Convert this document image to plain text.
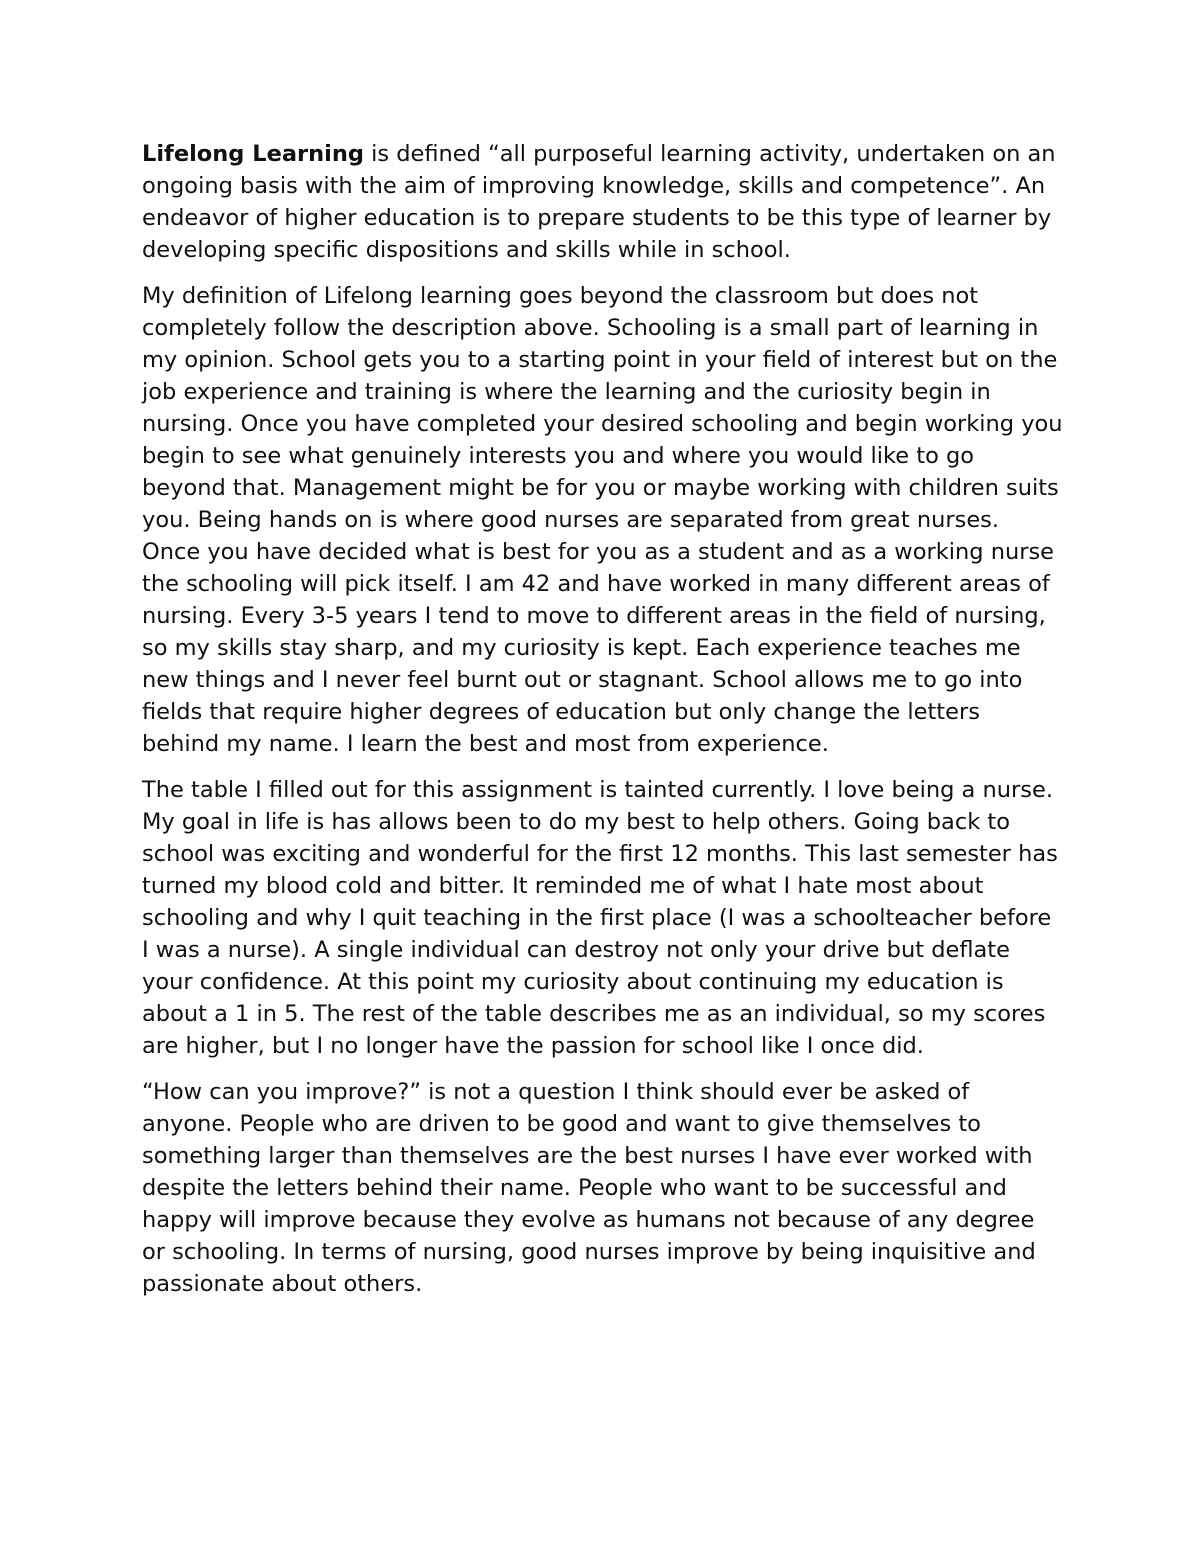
Lifelong Learning is defined “all purposeful learning activity, undertaken on an ongoing basis with the aim of improving knowledge, skills and competence”. An endeavor of higher education is to prepare students to be this type of learner by developing specific dispositions and skills while in school.

My definition of Lifelong learning goes beyond the classroom but does not completely follow the description above. Schooling is a small part of learning in my opinion. School gets you to a starting point in your field of interest but on the job experience and training is where the learning and the curiosity begin in nursing. Once you have completed your desired schooling and begin working you begin to see what genuinely interests you and where you would like to go beyond that. Management might be for you or maybe working with children suits you. Being hands on is where good nurses are separated from great nurses. Once you have decided what is best for you as a student and as a working nurse the schooling will pick itself. I am 42 and have worked in many different areas of nursing. Every 3-5 years I tend to move to different areas in the field of nursing, so my skills stay sharp, and my curiosity is kept. Each experience teaches me new things and I never feel burnt out or stagnant. School allows me to go into fields that require higher degrees of education but only change the letters behind my name. I learn the best and most from experience.

The table I filled out for this assignment is tainted currently. I love being a nurse. My goal in life is has allows been to do my best to help others. Going back to school was exciting and wonderful for the first 12 months. This last semester has turned my blood cold and bitter. It reminded me of what I hate most about schooling and why I quit teaching in the first place (I was a schoolteacher before I was a nurse). A single individual can destroy not only your drive but deflate your confidence. At this point my curiosity about continuing my education is about a 1 in 5. The rest of the table describes me as an individual, so my scores are higher, but I no longer have the passion for school like I once did.

“How can you improve?” is not a question I think should ever be asked of anyone. People who are driven to be good and want to give themselves to something larger than themselves are the best nurses I have ever worked with despite the letters behind their name. People who want to be successful and happy will improve because they evolve as humans not because of any degree or schooling. In terms of nursing, good nurses improve by being inquisitive and passionate about others.
